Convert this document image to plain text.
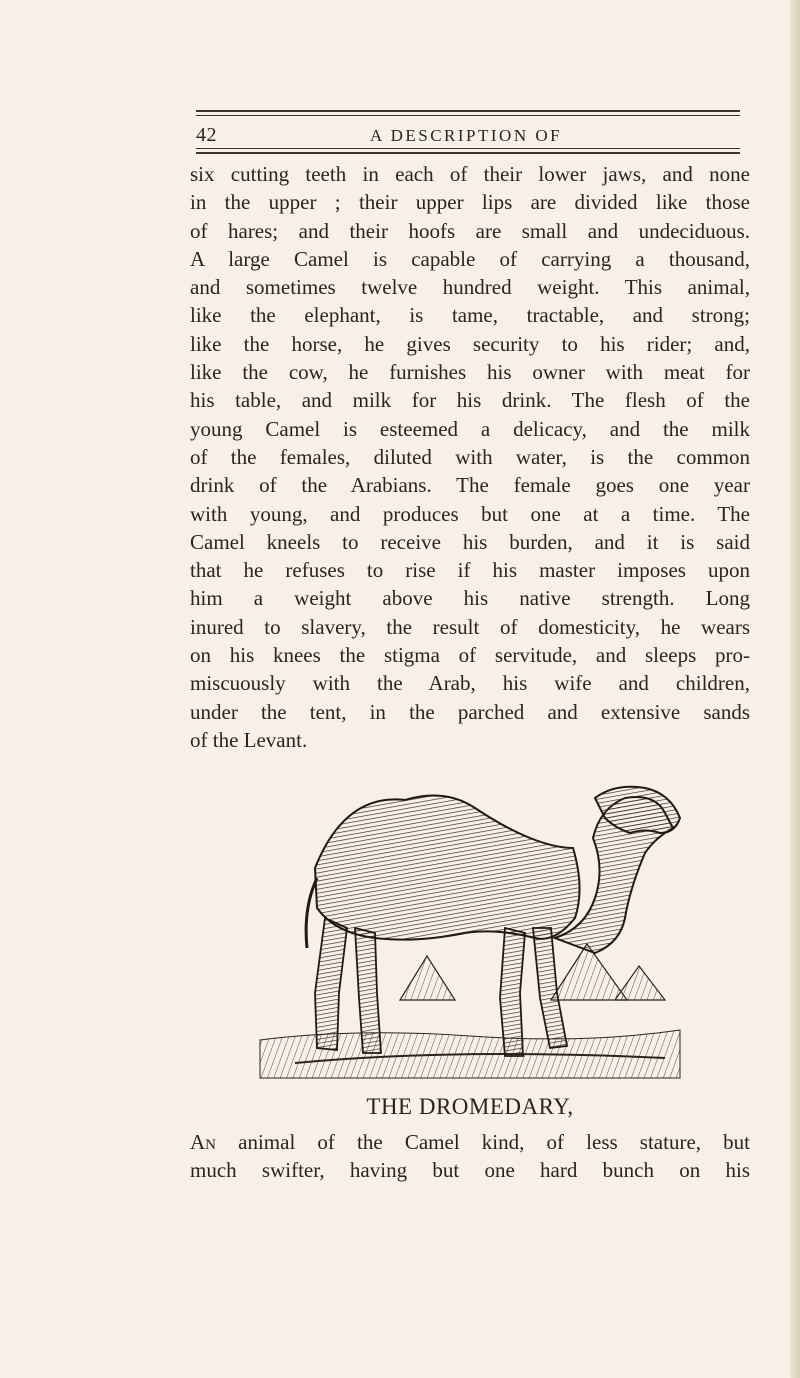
42	A DESCRIPTION OF
six cutting teeth in each of their lower jaws, and none
in the upper ; their upper lips are divided like those
of hares; and their hoofs are small and undeciduous.
A large Camel is capable of carrying a thousand,
and sometimes twelve hundred weight. This animal,
like the elephant, is tame, tractable, and strong;
like the horse, he gives security to his rider; and,
like the cow, he furnishes his owner with meat for
his table, and milk for his drink. The flesh of the
young Camel is esteemed a delicacy, and the milk
of the females, diluted with water, is the common
drink of the Arabians. The female goes one year
with young, and produces but one at a time. The
Camel kneels to receive his burden, and it is said
that he refuses to rise if his master imposes upon
him a weight above his native strength. Long
inured to slavery, the result of domesticity, he wears
on his knees the stigma of servitude, and sleeps pro-
miscuously with the Arab, his wife and children,
under the tent, in the parched and extensive sands
of the Levant.
THE DROMEDARY,
An animal of the Camel kind, of less stature, but
much swifter, having but one hard bunch on his
